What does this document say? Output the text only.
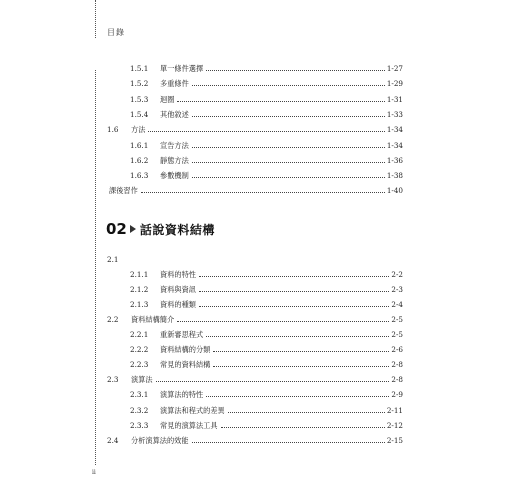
目錄
1.5.1	單一條件選擇	1-27
1.5.2	多重條件	1-29
1.5.3	迴圈	1-31
1.5.4	其他敘述	1-33
1.6	方法	1-34
1.6.1	宣告方法	1-34
1.6.2	靜態方法	1-36
1.6.3	參數機制	1-38
課後習作	1-40
02 話說資料結構
2.1
2.1.1	資料的特性	2-2
2.1.2	資料與資訊	2-3
2.1.3	資料的種類	2-4
2.2	資料結構簡介	2-5
2.2.1	重新審思程式	2-5
2.2.2	資料結構的分類	2-6
2.2.3	常見的資料結構	2-8
2.3	演算法	2-8
2.3.1	演算法的特性	2-9
2.3.2	演算法和程式的差異	2-11
2.3.3	常見的演算法工具	2-12
2.4	分析演算法的效能	2-15
ii
